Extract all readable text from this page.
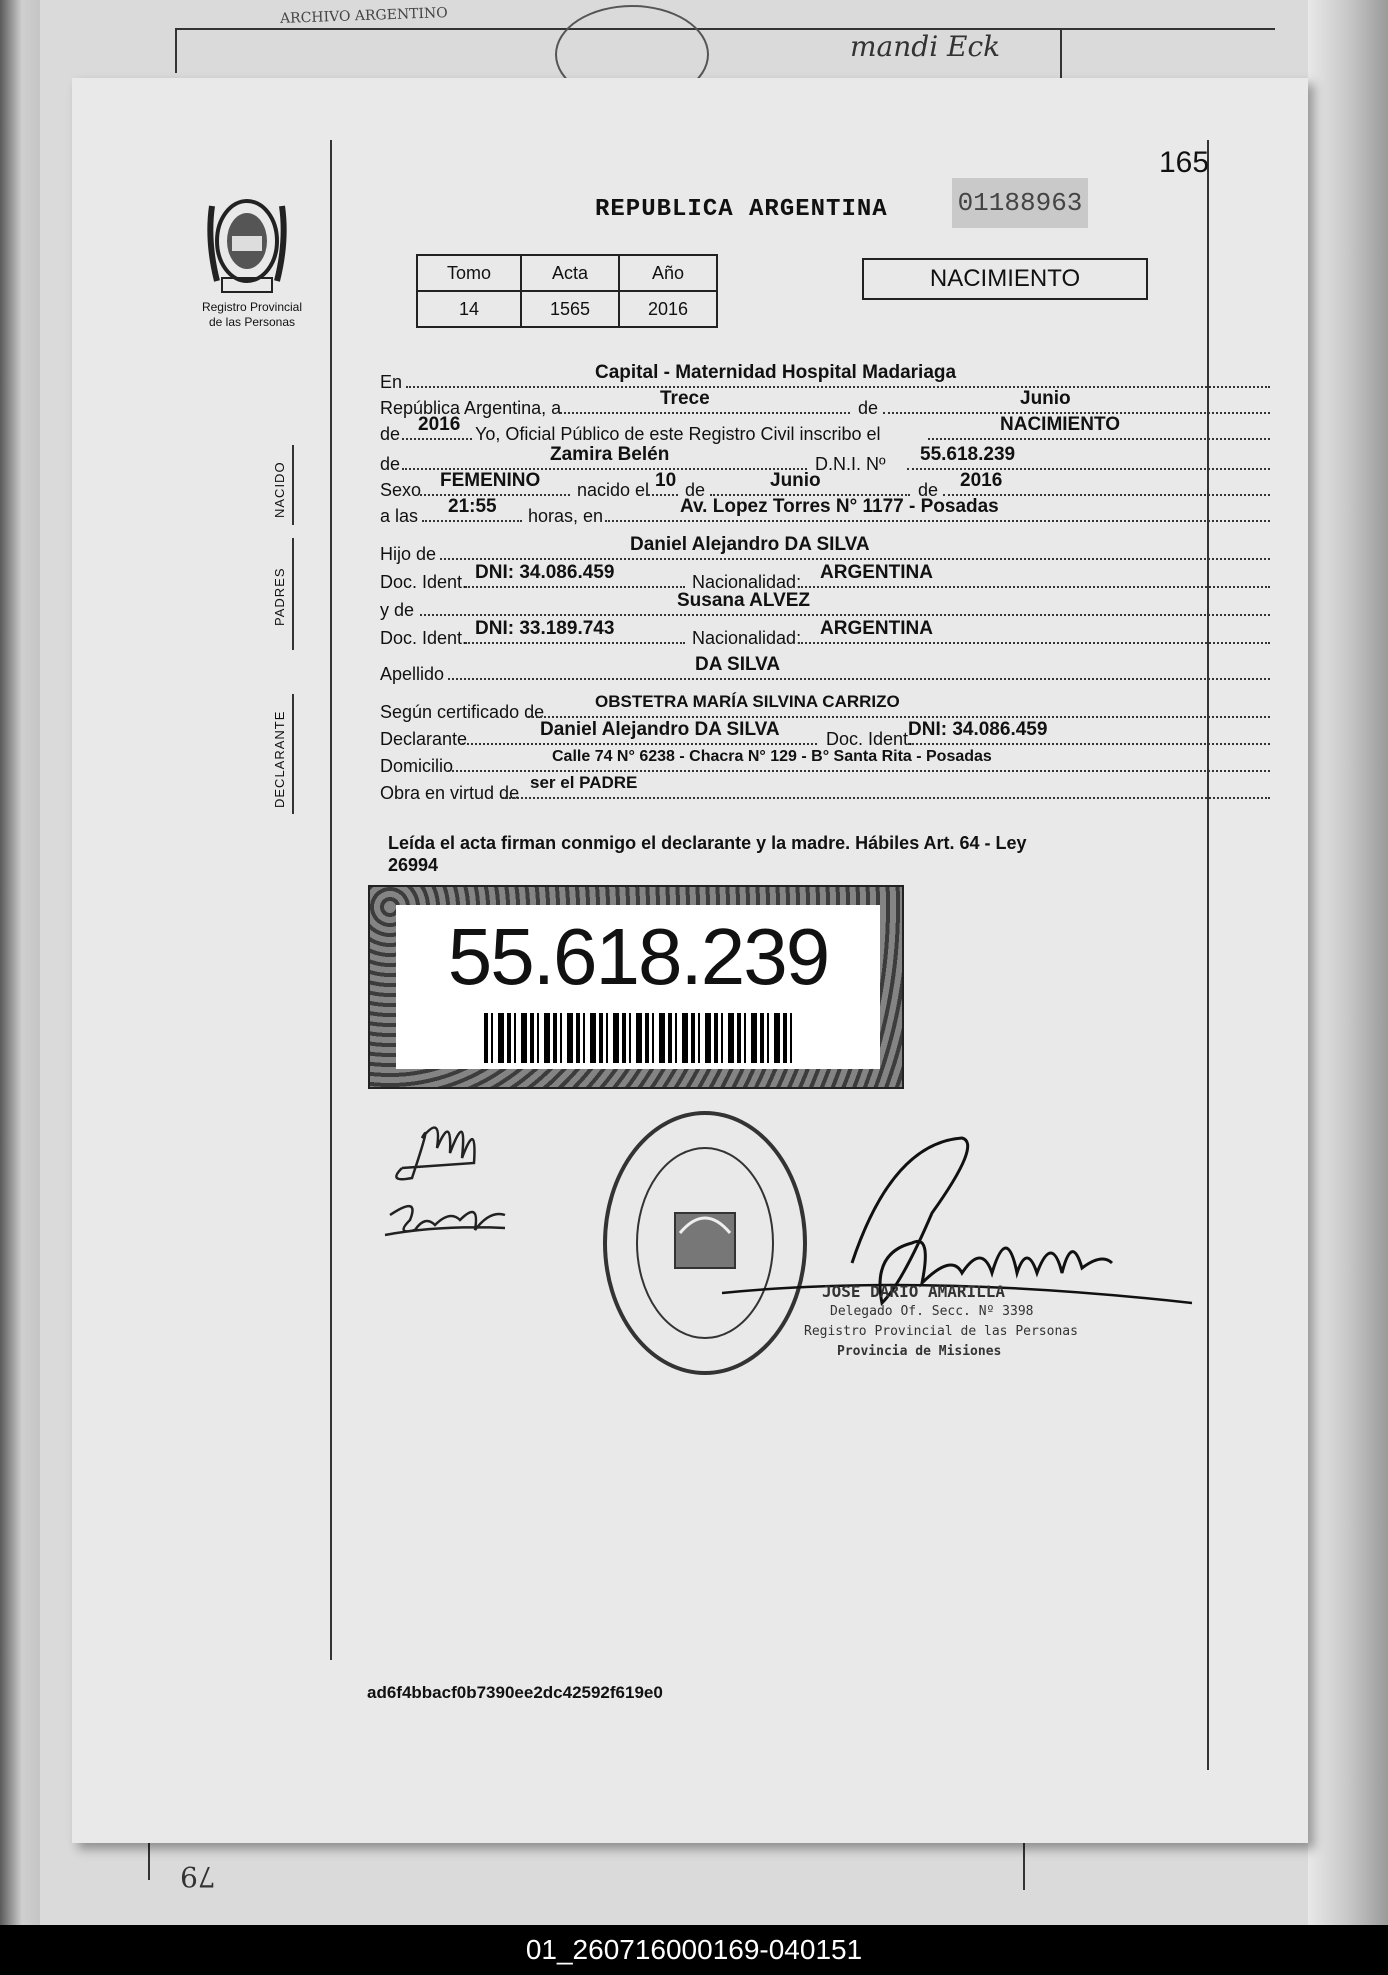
ARCHIVO ARGENTINO
mandi Eck
79
165
Registro Provincial
de las Personas
REPUBLICA ARGENTINA	01188963
Tomo	Acta	Año
14	1565	2016
NACIMIENTO
En	Capital - Maternidad Hospital Madariaga
República Argentina, a	Trece	de	Junio
de 2016 Yo, Oficial Público de este Registro Civil inscribo el	NACIMIENTO
NACIDO	de	Zamira Belén	D.N.I. Nº 55.618.239
Sexo FEMENINO nacido el 10 de	Junio	de 2016
a las 21:55 horas, en	Av. Lopez Torres N° 1177 - Posadas
PADRES
Hijo de	Daniel Alejandro DA SILVA
Doc. Ident. DNI: 34.086.459	Nacionalidad: ARGENTINA
y de	Susana ALVEZ
Doc. Ident. DNI: 33.189.743	Nacionalidad: ARGENTINA
Apellido	DA SILVA
DECLARANTE	Según certificado de
OBSTETRA MARÍA SILVINA CARRIZO
Declarante	Daniel Alejandro DA SILVA	Doc. Ident.
DNI: 34.086.459
Domicilio	Calle 74 N° 6238 - Chacra N° 129 - B° Santa Rita - Posadas
Obra en virtud de
ser el PADRE
Leída el acta firman conmigo el declarante y la madre. Hábiles Art. 64 - Ley
26994
55.618.239
JOSE DARIO AMARILLA
Delegado Of. Secc. Nº 3398
Registro Provincial de las Personas
Provincia de Misiones
ad6f4bbacf0b7390ee2dc42592f619e0
01_260716000169-040151
